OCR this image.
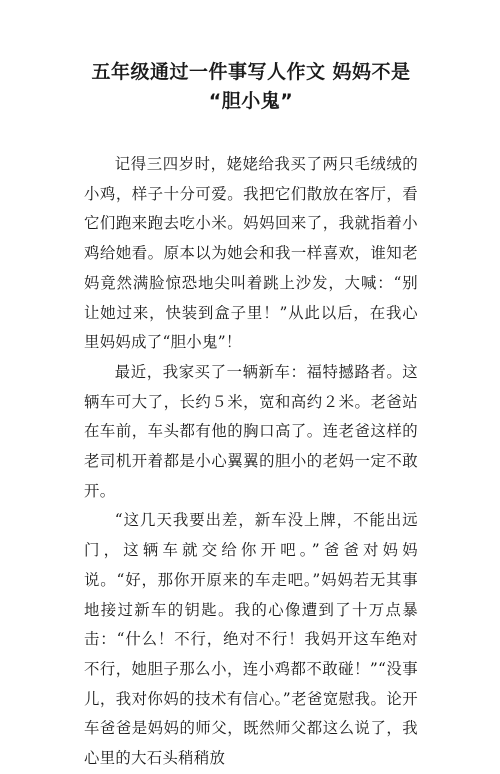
五年级通过一件事写人作文 妈妈不是
“胆小鬼”

记得三四岁时，姥姥给我买了两只毛绒绒的小鸡，样子十分可爱。我把它们散放在客厅，看它们跑来跑去吃小米。妈妈回来了，我就指着小鸡给她看。原本以为她会和我一样喜欢，谁知老妈竟然满脸惊恐地尖叫着跳上沙发，大喊：“别让她过来，快装到盒子里！”从此以后，在我心里妈妈成了“胆小鬼”！

最近，我家买了一辆新车：福特撼路者。这辆车可大了，长约５米，宽和高约２米。老爸站在车前，车头都有他的胸口高了。连老爸这样的老司机开着都是小心翼翼的胆小的老妈一定不敢开。

“这几天我要出差，新车没上牌，不能出远门，这辆车就交给你开吧。”爸爸对妈妈说。“好，那你开原来的车走吧。”妈妈若无其事地接过新车的钥匙。我的心像遭到了十万点暴击：“什么！不行，绝对不行！我妈开这车绝对不行，她胆子那么小，连小鸡都不敢碰！”“没事儿，我对你妈的技术有信心。”老爸宽慰我。论开车爸爸是妈妈的师父，既然师父都这么说了，我心里的大石头稍稍放
